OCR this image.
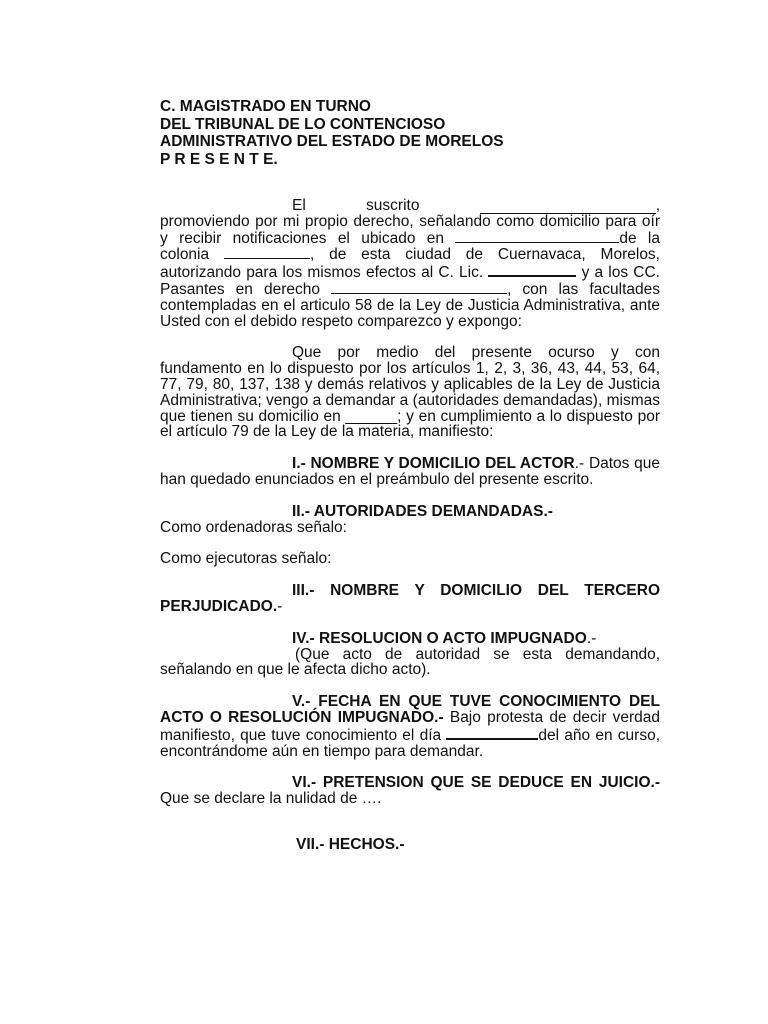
C. MAGISTRADO EN TURNO
DEL TRIBUNAL DE LO CONTENCIOSO
ADMINISTRATIVO DEL ESTADO DE MORELOS
P R E S E N T E.

El	suscrito	,

promoviendo por mi propio derecho, señalando como domicilio para oír y recibir notificaciones el ubicado en	de la colonia	, de esta ciudad de Cuernavaca, Morelos, autorizando para los mismos efectos al C. Lic.	y a los CC. Pasantes en derecho	, con las facultades contempladas en el articulo 58 de la Ley de Justicia Administrativa, ante Usted con el debido respeto comparezco y expongo:

Que por medio del presente ocurso y con fundamento en lo dispuesto por los artículos 1, 2, 3, 36, 43, 44, 53, 64, 77, 79, 80, 137, 138 y demás relativos y aplicables de la Ley de Justicia Administrativa; vengo a demandar a (autoridades demandadas), mismas que tienen su domicilio en ______; y en cumplimiento a lo dispuesto por el artículo 79 de la Ley de la materia, manifiesto:

I.- NOMBRE Y DOMICILIO DEL ACTOR.- Datos que han quedado enunciados en el preámbulo del presente escrito.

II.- AUTORIDADES DEMANDADAS.-

Como ordenadoras señalo:

Como ejecutoras señalo:

III.- NOMBRE Y DOMICILIO DEL TERCERO PERJUDICADO.-

IV.- RESOLUCION O ACTO IMPUGNADO.-

(Que acto de autoridad se esta demandando, señalando en que le afecta dicho acto).

V.- FECHA EN QUE TUVE CONOCIMIENTO DEL ACTO O RESOLUCIÓN IMPUGNADO.- Bajo protesta de decir verdad manifiesto, que tuve conocimiento el día	del año en curso, encontrándome aún en tiempo para demandar.

VI.- PRETENSION QUE SE DEDUCE EN JUICIO.- Que se declare la nulidad de ….

VII.- HECHOS.-
